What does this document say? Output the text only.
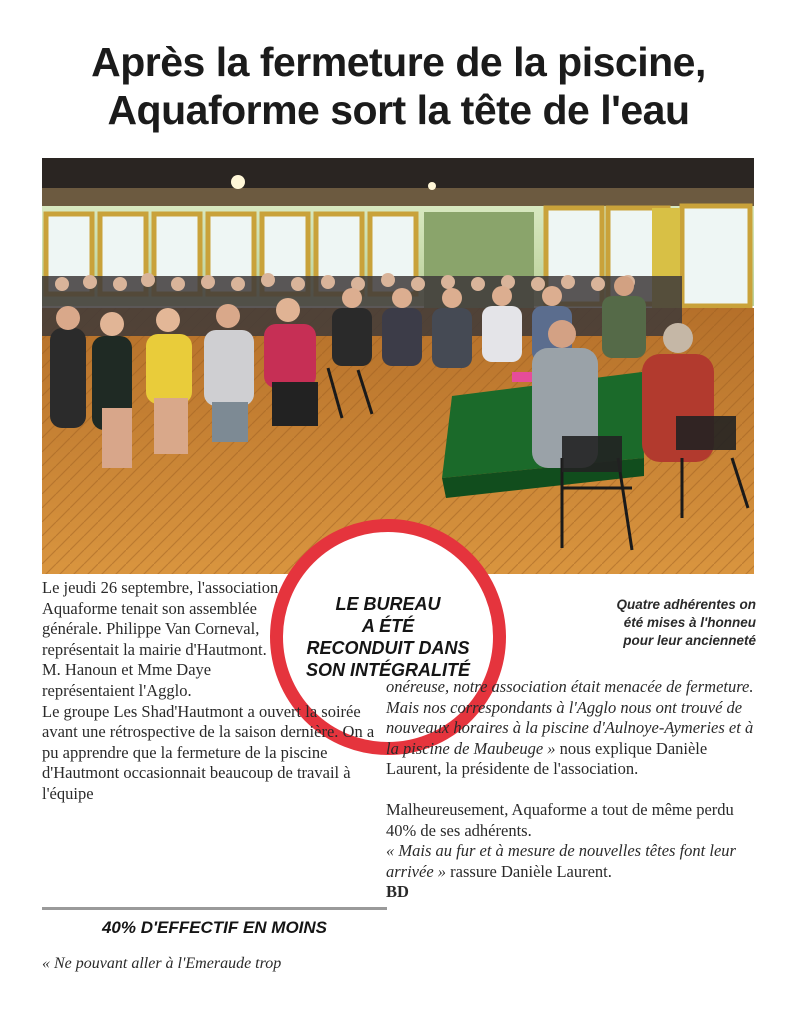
Après la fermeture de la piscine,
Aquaforme sort la tête de l'eau
Quatre adhérentes on
été mises à l'honneu
pour leur ancienneté
LE BUREAU
A ÉTÉ
RECONDUIT DANS
SON INTÉGRALITÉ

Le jeudi 26 septembre, l'association Aquaforme tenait son assemblée générale. Philippe Van Corneval, représentait la mairie d'Hautmont. M. Hanoun et Mme Daye représentaient l'Agglo.

Le groupe Les Shad'Hautmont a ouvert la soirée avant une rétrospective de la saison dernière. On a pu apprendre que la fermeture de la piscine d'Hautmont occasionnait beaucoup de travail à l'équipe

40% D'EFFECTIF EN MOINS
« Ne pouvant aller à l'Emeraude trop

onéreuse, notre association était menacée de fermeture. Mais nos correspondants à l'Agglo nous ont trouvé de nouveaux horaires à la piscine d'Aulnoye-Aymeries et à la piscine de Maubeuge » nous explique Danièle Laurent, la présidente de l'association.

Malheureusement, Aquaforme a tout de même perdu 40% de ses adhérents.

« Mais au fur et à mesure de nouvelles têtes font leur arrivée » rassure Danièle Laurent.

BD
